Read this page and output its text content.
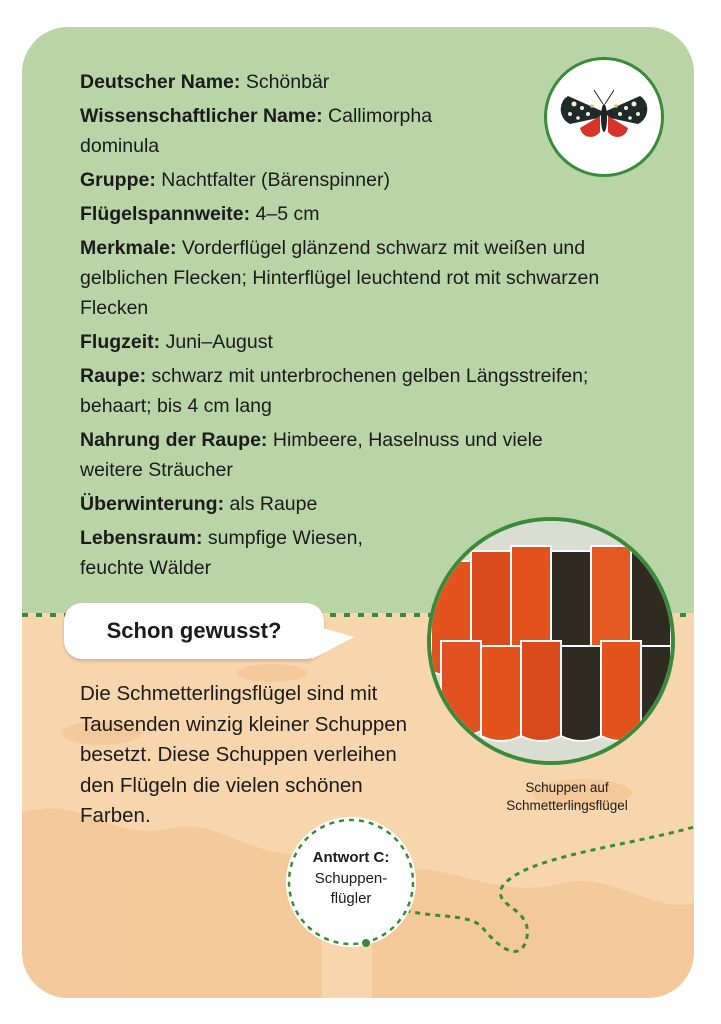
Deutscher Name: Schönbär
Wissenschaftlicher Name: Callimorpha dominula
Gruppe: Nachtfalter (Bärenspinner)
Flügelspannweite: 4–5 cm
Merkmale: Vorderflügel glänzend schwarz mit weißen und gelblichen Flecken; Hinterflügel leuchtend rot mit schwarzen Flecken
Flugzeit: Juni–August
Raupe: schwarz mit unterbrochenen gelben Längsstreifen; behaart; bis 4 cm lang
Nahrung der Raupe: Himbeere, Haselnuss und viele weitere Sträucher
Überwinterung: als Raupe
Lebensraum: sumpfige Wiesen, feuchte Wälder
Schuppen auf Schmetterlingsflügel
Antwort C:
Schuppen-flügler
Schon gewusst?
Die Schmetterlingsflügel sind mit Tausenden winzig kleiner Schuppen besetzt. Diese Schuppen verleihen den Flügeln die vielen schönen Farben.
